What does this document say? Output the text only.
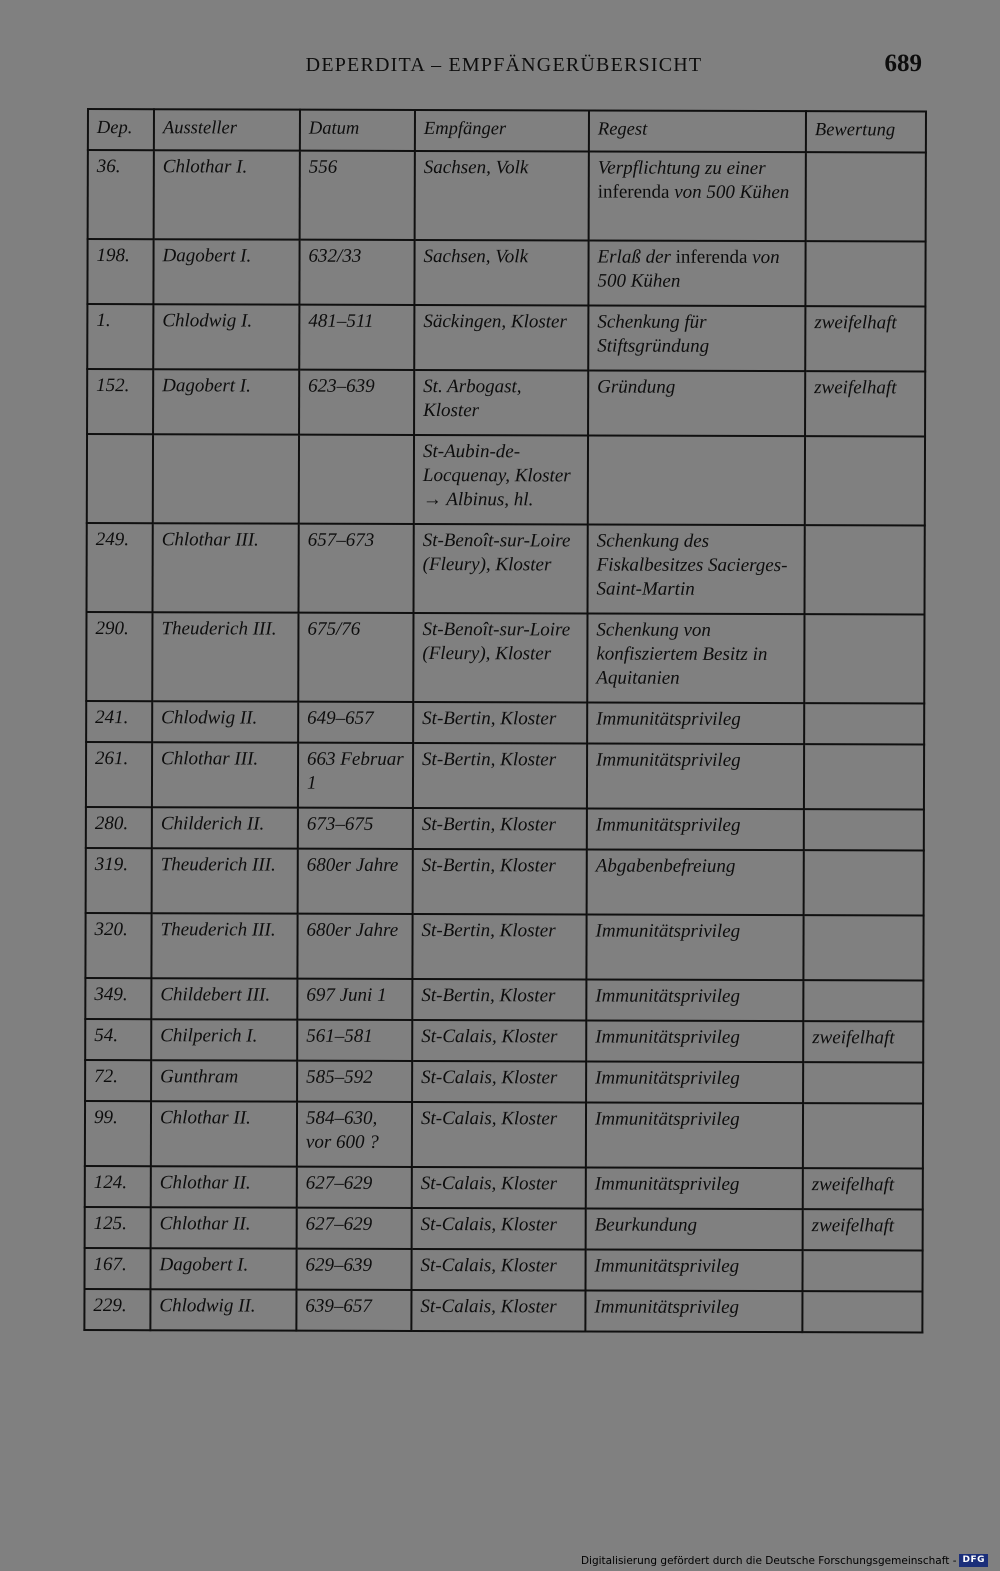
DEPERDITA – EMPFÄNGERÜBERSICHT	689
Dep.	Aussteller	Datum	Empfänger	Regest	Bewertung
36.	Chlothar I.	556	Sachsen, Volk	Verpflichtung zu einer inferenda von 500 Kühen	
198.	Dagobert I.	632/33	Sachsen, Volk	Erlaß der inferenda von 500 Kühen	
1.	Chlodwig I.	481–511	Säckingen, Kloster	Schenkung für Stiftsgründung	zweifelhaft
152.	Dagobert I.	623–639	St. Arbogast, Kloster	Gründung	zweifelhaft
			St-Aubin-de-Locquenay, Kloster → Albinus, hl.		
249.	Chlothar III.	657–673	St-Benoît-sur-Loire (Fleury), Kloster	Schenkung des Fiskalbesitzes Sacierges-Saint-Martin	
290.	Theuderich III.	675/76	St-Benoît-sur-Loire (Fleury), Kloster	Schenkung von konfisziertem Besitz in Aquitanien	
241.	Chlodwig II.	649–657	St-Bertin, Kloster	Immunitätsprivileg	
261.	Chlothar III.	663 Februar 1	St-Bertin, Kloster	Immunitätsprivileg	
280.	Childerich II.	673–675	St-Bertin, Kloster	Immunitätsprivileg	
319.	Theuderich III.	680er Jahre	St-Bertin, Kloster	Abgabenbefreiung	
320.	Theuderich III.	680er Jahre	St-Bertin, Kloster	Immunitätsprivileg	
349.	Childebert III.	697 Juni 1	St-Bertin, Kloster	Immunitätsprivileg	
54.	Chilperich I.	561–581	St-Calais, Kloster	Immunitätsprivileg	zweifelhaft
72.	Gunthram	585–592	St-Calais, Kloster	Immunitätsprivileg	
99.	Chlothar II.	584–630, vor 600 ?	St-Calais, Kloster	Immunitätsprivileg	
124.	Chlothar II.	627–629	St-Calais, Kloster	Immunitätsprivileg	zweifelhaft
125.	Chlothar II.	627–629	St-Calais, Kloster	Beurkundung	zweifelhaft
167.	Dagobert I.	629–639	St-Calais, Kloster	Immunitätsprivileg	
229.	Chlodwig II.	639–657	St-Calais, Kloster	Immunitätsprivileg	
Digitalisierung gefördert durch die Deutsche Forschungsgemeinschaft - DFG
